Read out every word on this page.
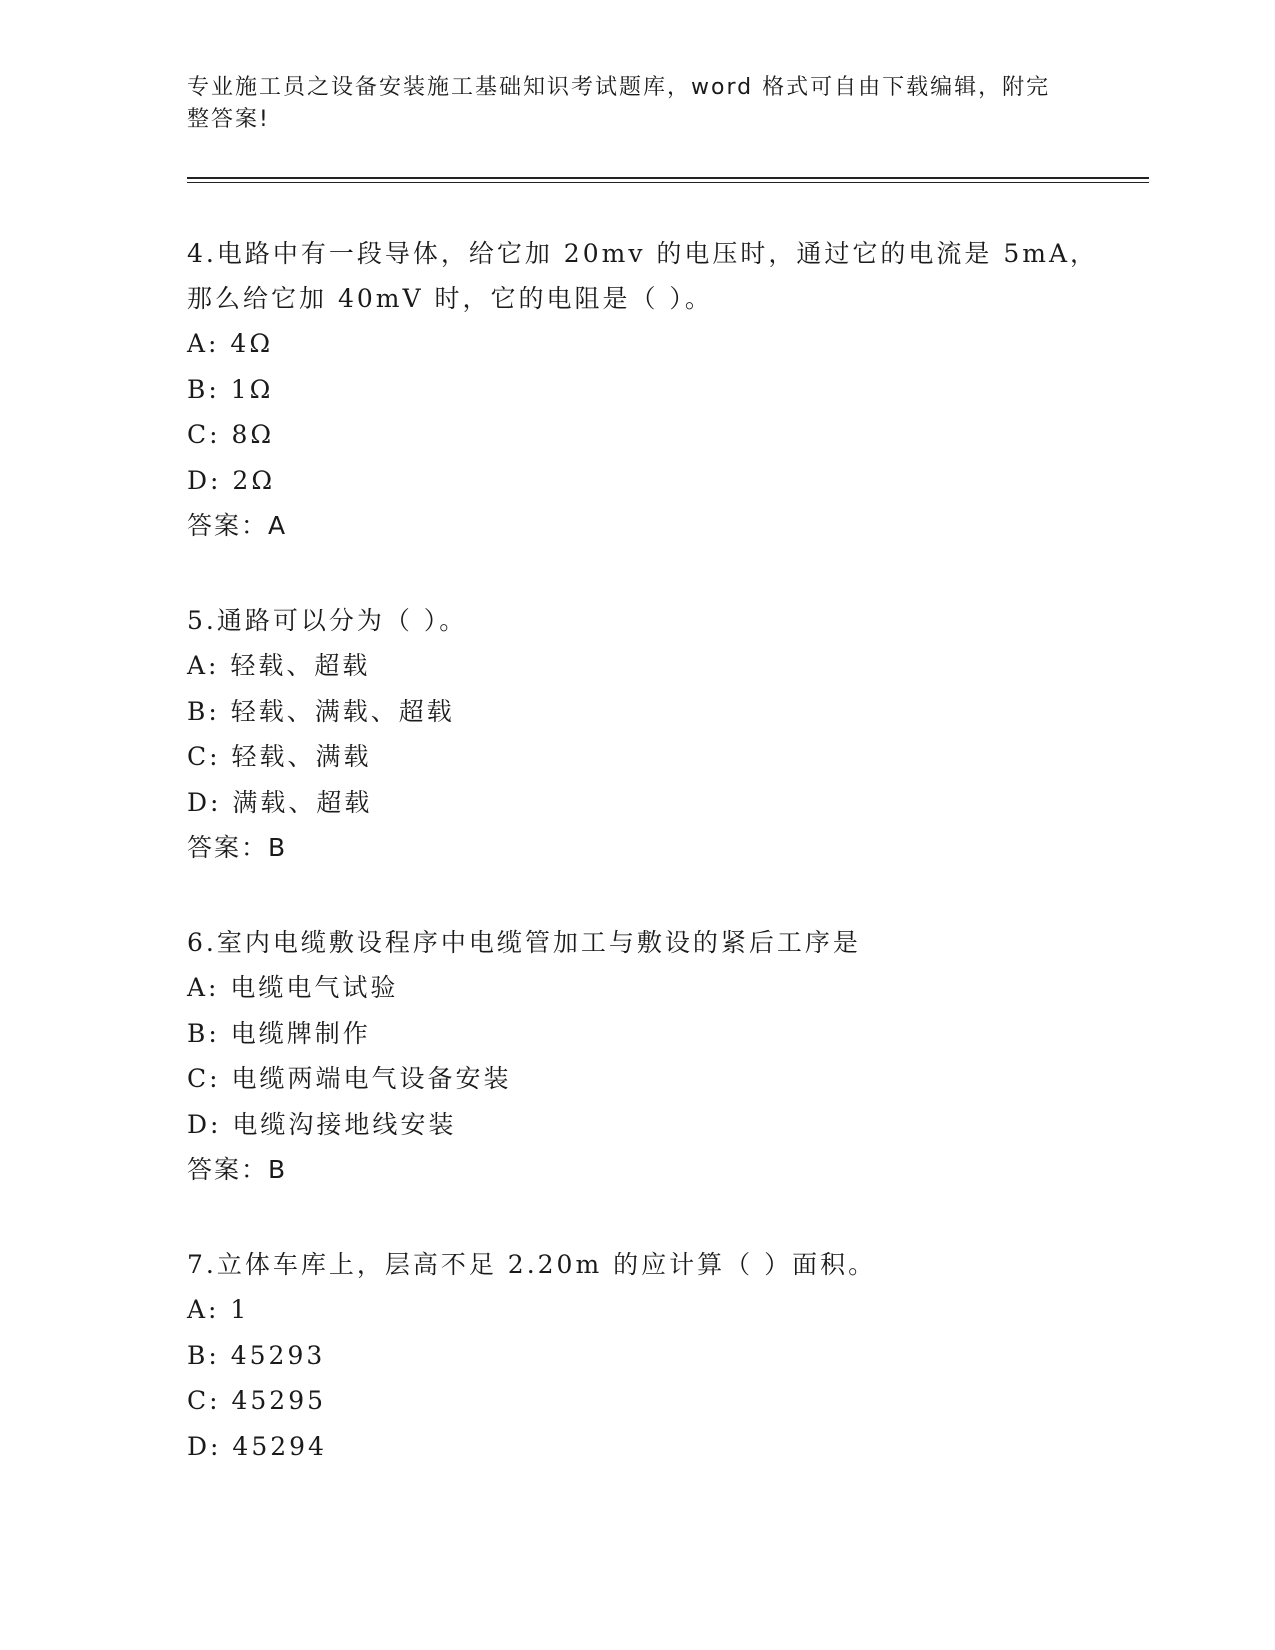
专业施工员之设备安装施工基础知识考试题库，word 格式可自由下载编辑，附完
整答案!

4.电路中有一段导体，给它加 20mv 的电压时，通过它的电流是 5mA，

那么给它加 40mV 时，它的电阻是（ ）。

A: 4Ω

B: 1Ω

C: 8Ω

D: 2Ω

答案：A

5.通路可以分为（ ）。

A: 轻载、超载

B: 轻载、满载、超载

C: 轻载、满载

D: 满载、超载

答案：B

6.室内电缆敷设程序中电缆管加工与敷设的紧后工序是

A: 电缆电气试验

B: 电缆牌制作

C: 电缆两端电气设备安装

D: 电缆沟接地线安装

答案：B

7.立体车库上，层高不足 2.20m 的应计算（ ）面积。

A: 1

B: 45293

C: 45295

D: 45294
